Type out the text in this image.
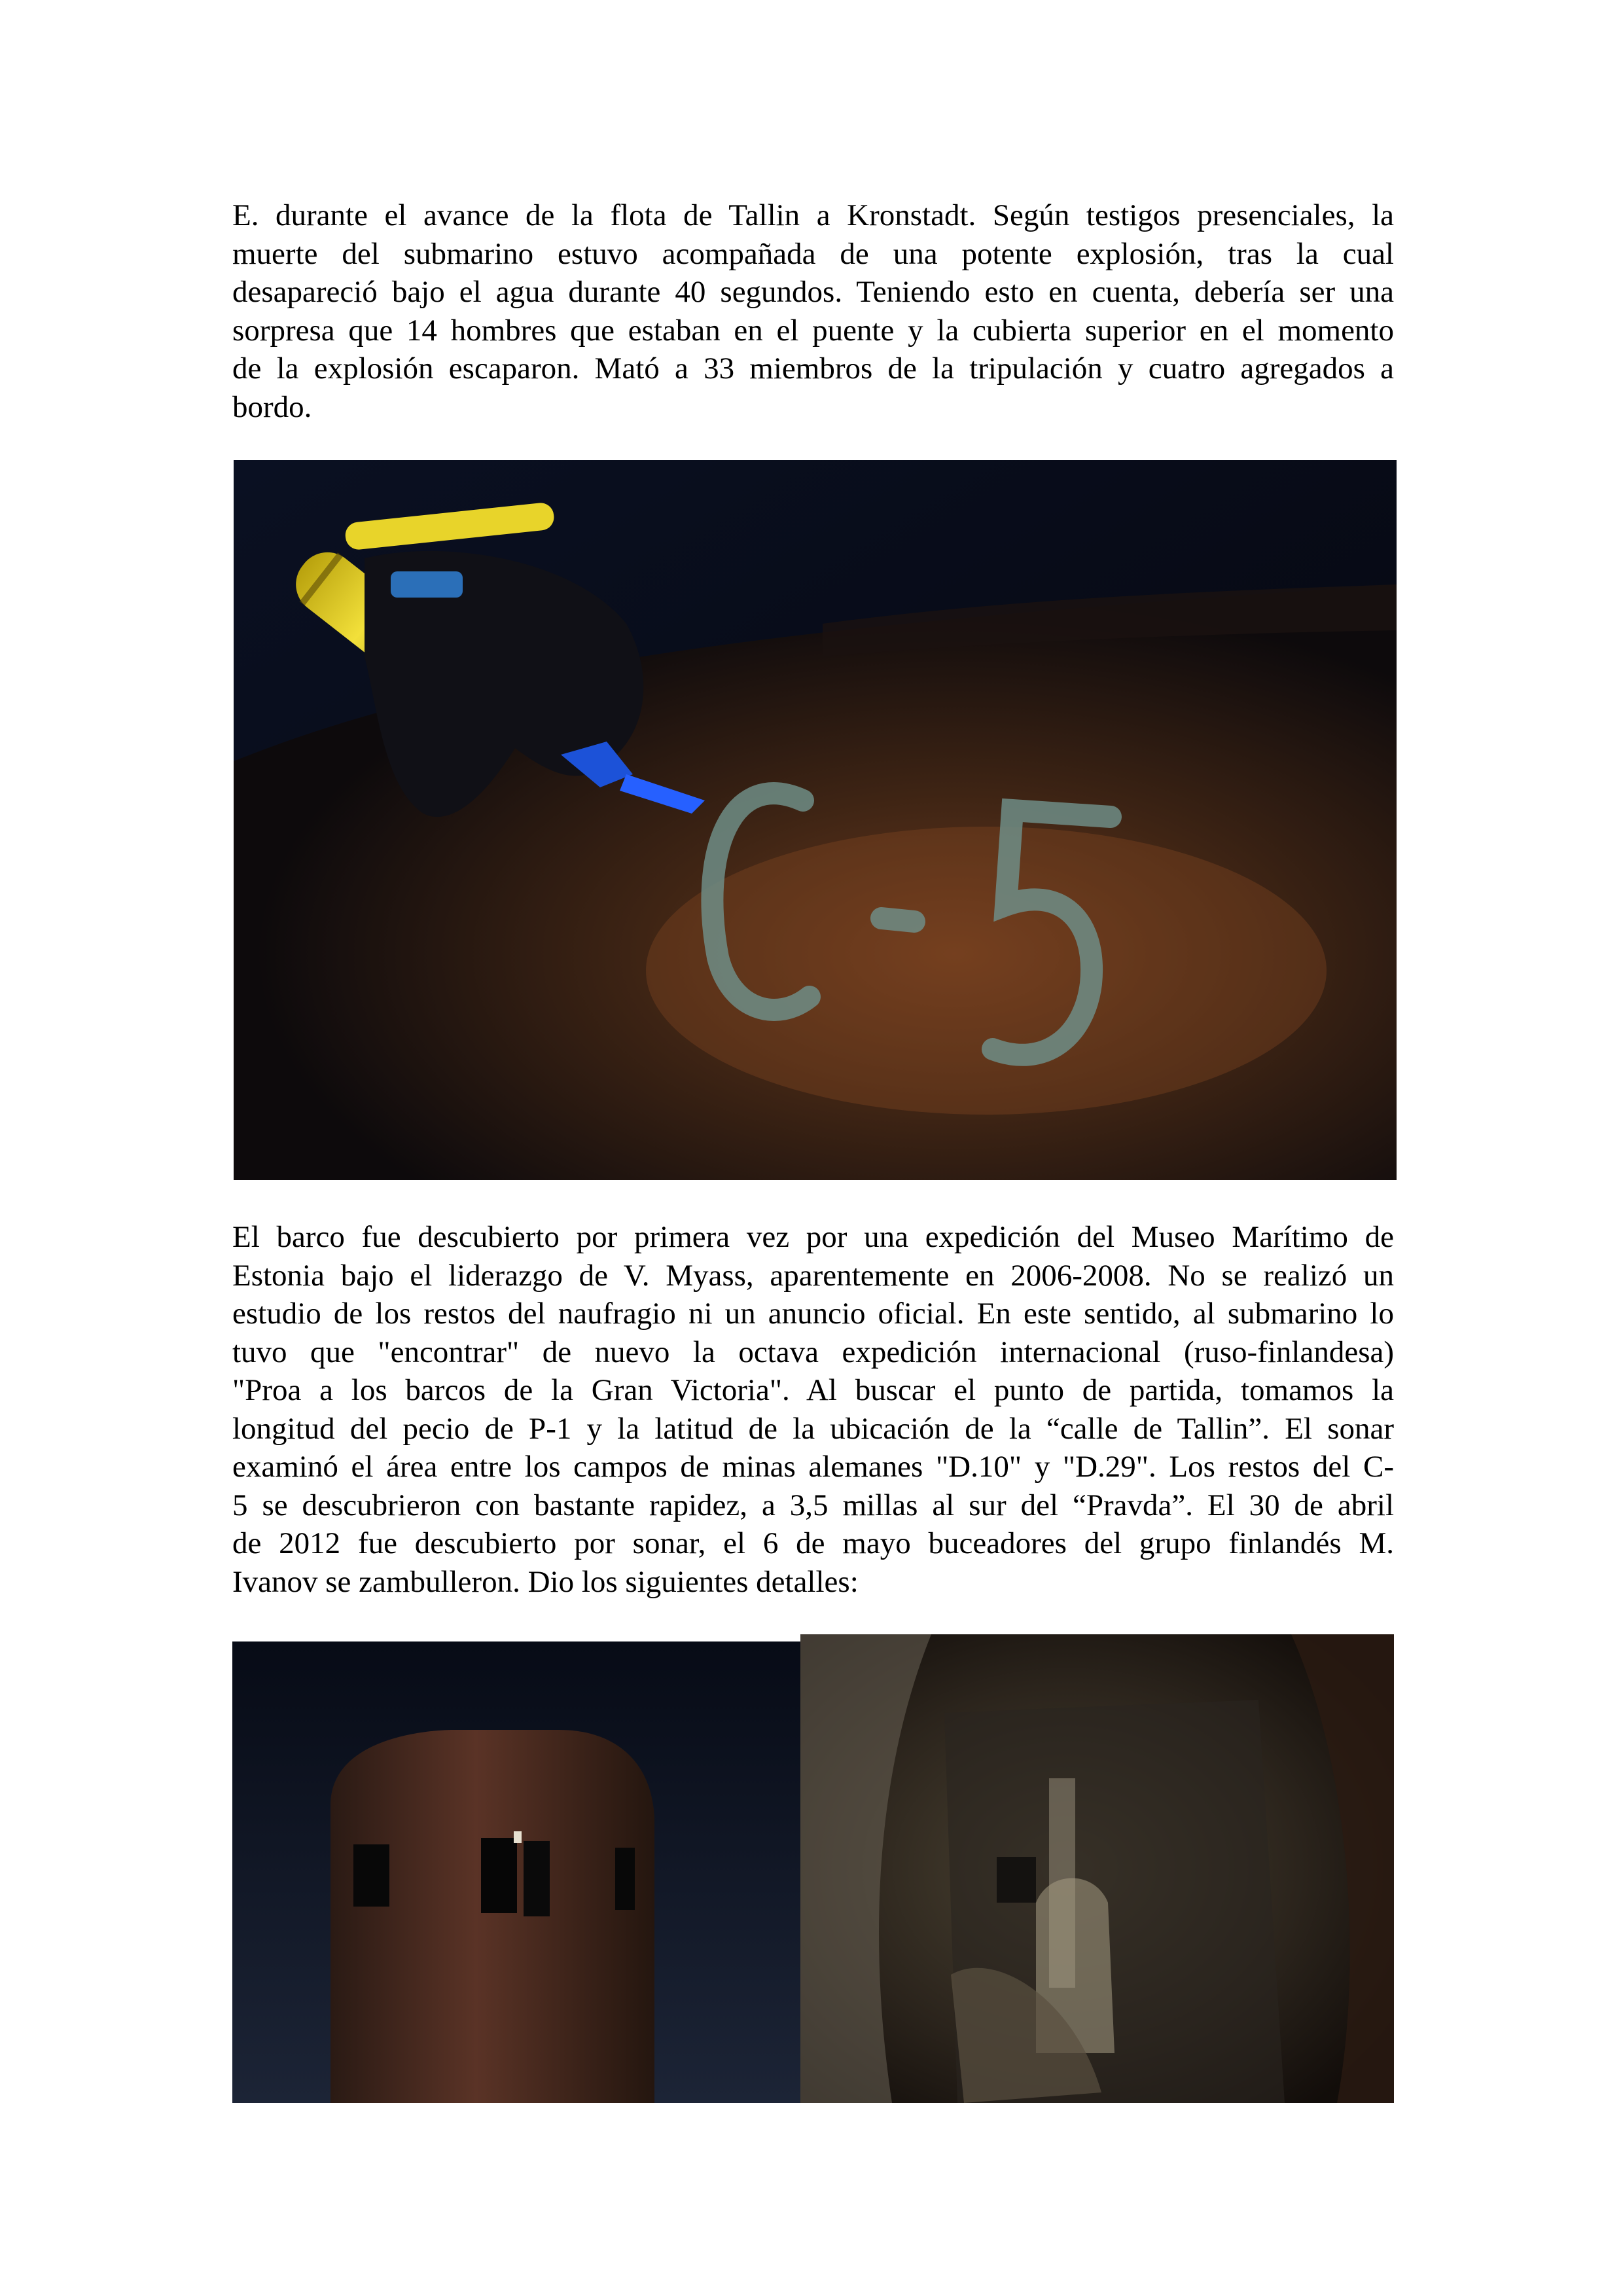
E. durante el avance de la flota de Tallin a Kronstadt. Según testigos presenciales, la
muerte del submarino estuvo acompañada de una potente explosión, tras la cual
desapareció bajo el agua durante 40 segundos. Teniendo esto en cuenta, debería ser una
sorpresa que 14 hombres que estaban en el puente y la cubierta superior en el momento
de la explosión escaparon. Mató a 33 miembros de la tripulación y cuatro agregados a
bordo.
El barco fue descubierto por primera vez por una expedición del Museo Marítimo de
Estonia bajo el liderazgo de V. Myass, aparentemente en 2006-2008. No se realizó un
estudio de los restos del naufragio ni un anuncio oficial. En este sentido, al submarino lo
tuvo que "encontrar" de nuevo la octava expedición internacional (ruso-finlandesa)
"Proa a los barcos de la Gran Victoria". Al buscar el punto de partida, tomamos la
longitud del pecio de P-1 y la latitud de la ubicación de la “calle de Tallin”. El sonar
examinó el área entre los campos de minas alemanes "D.10" y "D.29". Los restos del C-
5 se descubrieron con bastante rapidez, a 3,5 millas al sur del “Pravda”. El 30 de abril
de 2012 fue descubierto por sonar, el 6 de mayo buceadores del grupo finlandés M.
Ivanov se zambulleron. Dio los siguientes detalles:
